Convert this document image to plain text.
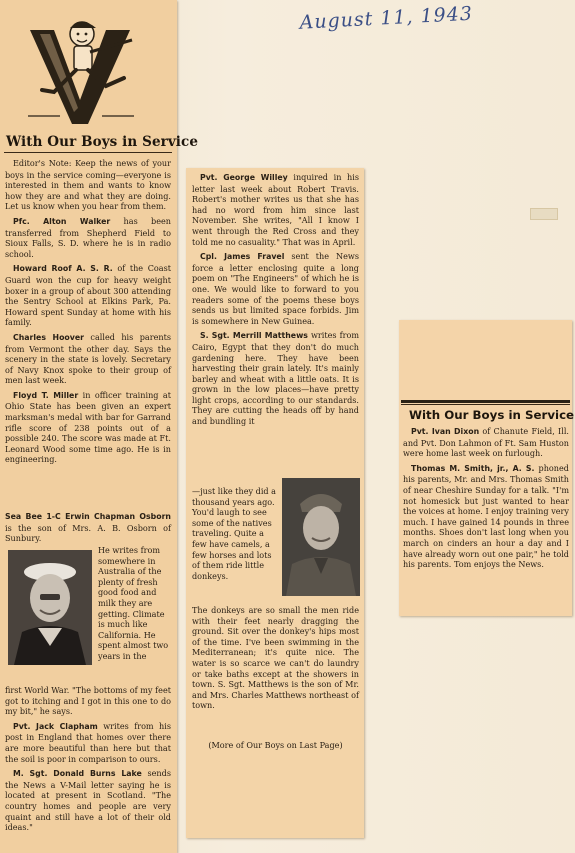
August 11, 1943
With Our Boys in Service

Editor's Note: Keep the news of your boys in the service coming—everyone is interested in them and wants to know how they are and what they are doing. Let us know when you hear from them.

Pfc. Alton Walker has been transferred from Shepherd Field to Sioux Falls, S. D. where he is in radio school.

Howard Roof A. S. R. of the Coast Guard won the cup for heavy weight boxer in a group of about 300 attending the Sentry School at Elkins Park, Pa. Howard spent Sunday at home with his family.

Charles Hoover called his parents from Vermont the other day. Says the scenery in the state is lovely. Secretary of Navy Knox spoke to their group of men last week.

Floyd T. Miller in officer training at Ohio State has been given an expert marksman's medal with bar for Garrand rifle score of 238 points out of a possible 240. The score was made at Ft. Leonard Wood some time ago. He is in engineering.

Sea Bee 1-C Erwin Chapman Osborn is the son of Mrs. A. B. Osborn of Sunbury.

He writes from somewhere in Australia of the plenty of fresh good food and milk they are getting. Climate is much like California. He spent almost two years in the

first World War. "The bottoms of my feet got to itching and I got in this one to do my bit," he says.

Pvt. Jack Clapham writes from his post in England that homes over there are more beautiful than here but that the soil is poor in comparison to ours.

M. Sgt. Donald Burns Lake sends the News a V-Mail letter saying he is located at present in Scotland. "The country homes and people are very quaint and still have a lot of their old ideas."

Pvt. George Willey inquired in his letter last week about Robert Travis. Robert's mother writes us that she has had no word from him since last November. She writes, "All I know I went through the Red Cross and they told me no casuality." That was in April.

Cpl. James Fravel sent the News force a letter enclosing quite a long poem on "The Engineers" of which he is one. We would like to forward to you readers some of the poems these boys sends us but limited space forbids. Jim is somewhere in New Guinea.

S. Sgt. Merrill Matthews writes from Cairo, Egypt that they don't do much gardening here. They have been harvesting their grain lately. It's mainly barley and wheat with a little oats. It is grown in the low places—have pretty light crops, according to our standards. They are cutting the heads off by hand and bundling it

—just like they did a thousand years ago. You'd laugh to see some of the natives traveling. Quite a few have camels, a few horses and lots of them ride little donkeys.

The donkeys are so small the men ride with their feet nearly dragging the ground. Sit over the donkey's hips most of the time. I've been swimming in the Mediterranean; it's quite nice. The water is so scarce we can't do laundry or take baths except at the showers in town. S. Sgt. Matthews is the son of Mr. and Mrs. Charles Matthews northeast of town.

(More of Our Boys on Last Page)

With Our Boys in Service

Pvt. Ivan Dixon of Chanute Field, Ill. and Pvt. Don Lahmon of Ft. Sam Huston were home last week on furlough.

Thomas M. Smith, jr., A. S. phoned his parents, Mr. and Mrs. Thomas Smith of near Cheshire Sunday for a talk. "I'm not homesick but just wanted to hear the voices at home. I enjoy training very much. I have gained 14 pounds in three months. Shoes don't last long when you march on cinders an hour a day and I have already worn out one pair," he told his parents. Tom enjoys the News.
